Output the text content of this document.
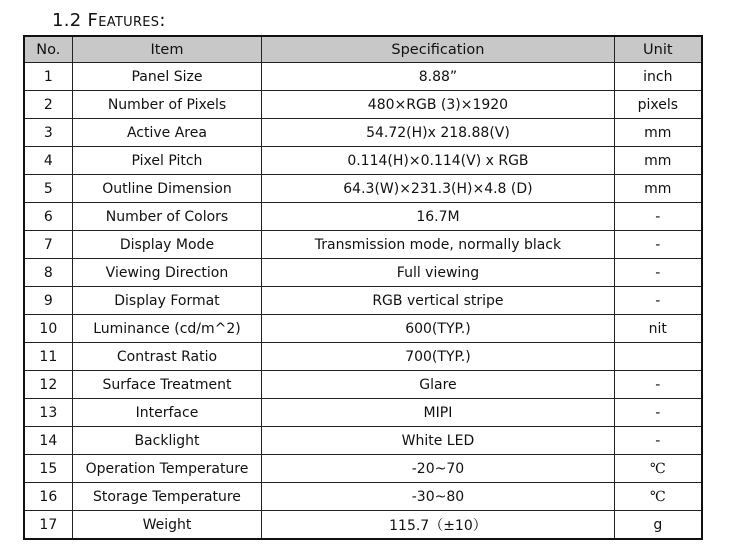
1.2 Features:
No.	Item	Specification	Unit
1	Panel Size	8.88”	inch
2	Number of Pixels	480×RGB (3)×1920	pixels
3	Active Area	54.72(H)x 218.88(V)	mm
4	Pixel Pitch	0.114(H)×0.114(V) x RGB	mm
5	Outline Dimension	64.3(W)×231.3(H)×4.8 (D)	mm
6	Number of Colors	16.7M	-
7	Display Mode	Transmission mode, normally black	-
8	Viewing Direction	Full viewing	-
9	Display Format	RGB vertical stripe	-
10	Luminance (cd/m^2)	600(TYP.)	nit
11	Contrast Ratio	700(TYP.)	
12	Surface Treatment	Glare	-
13	Interface	MIPI	-
14	Backlight	White LED	-
15	Operation Temperature	-20~70	℃
16	Storage Temperature	-30~80	℃
17	Weight	115.7（±10）	g
